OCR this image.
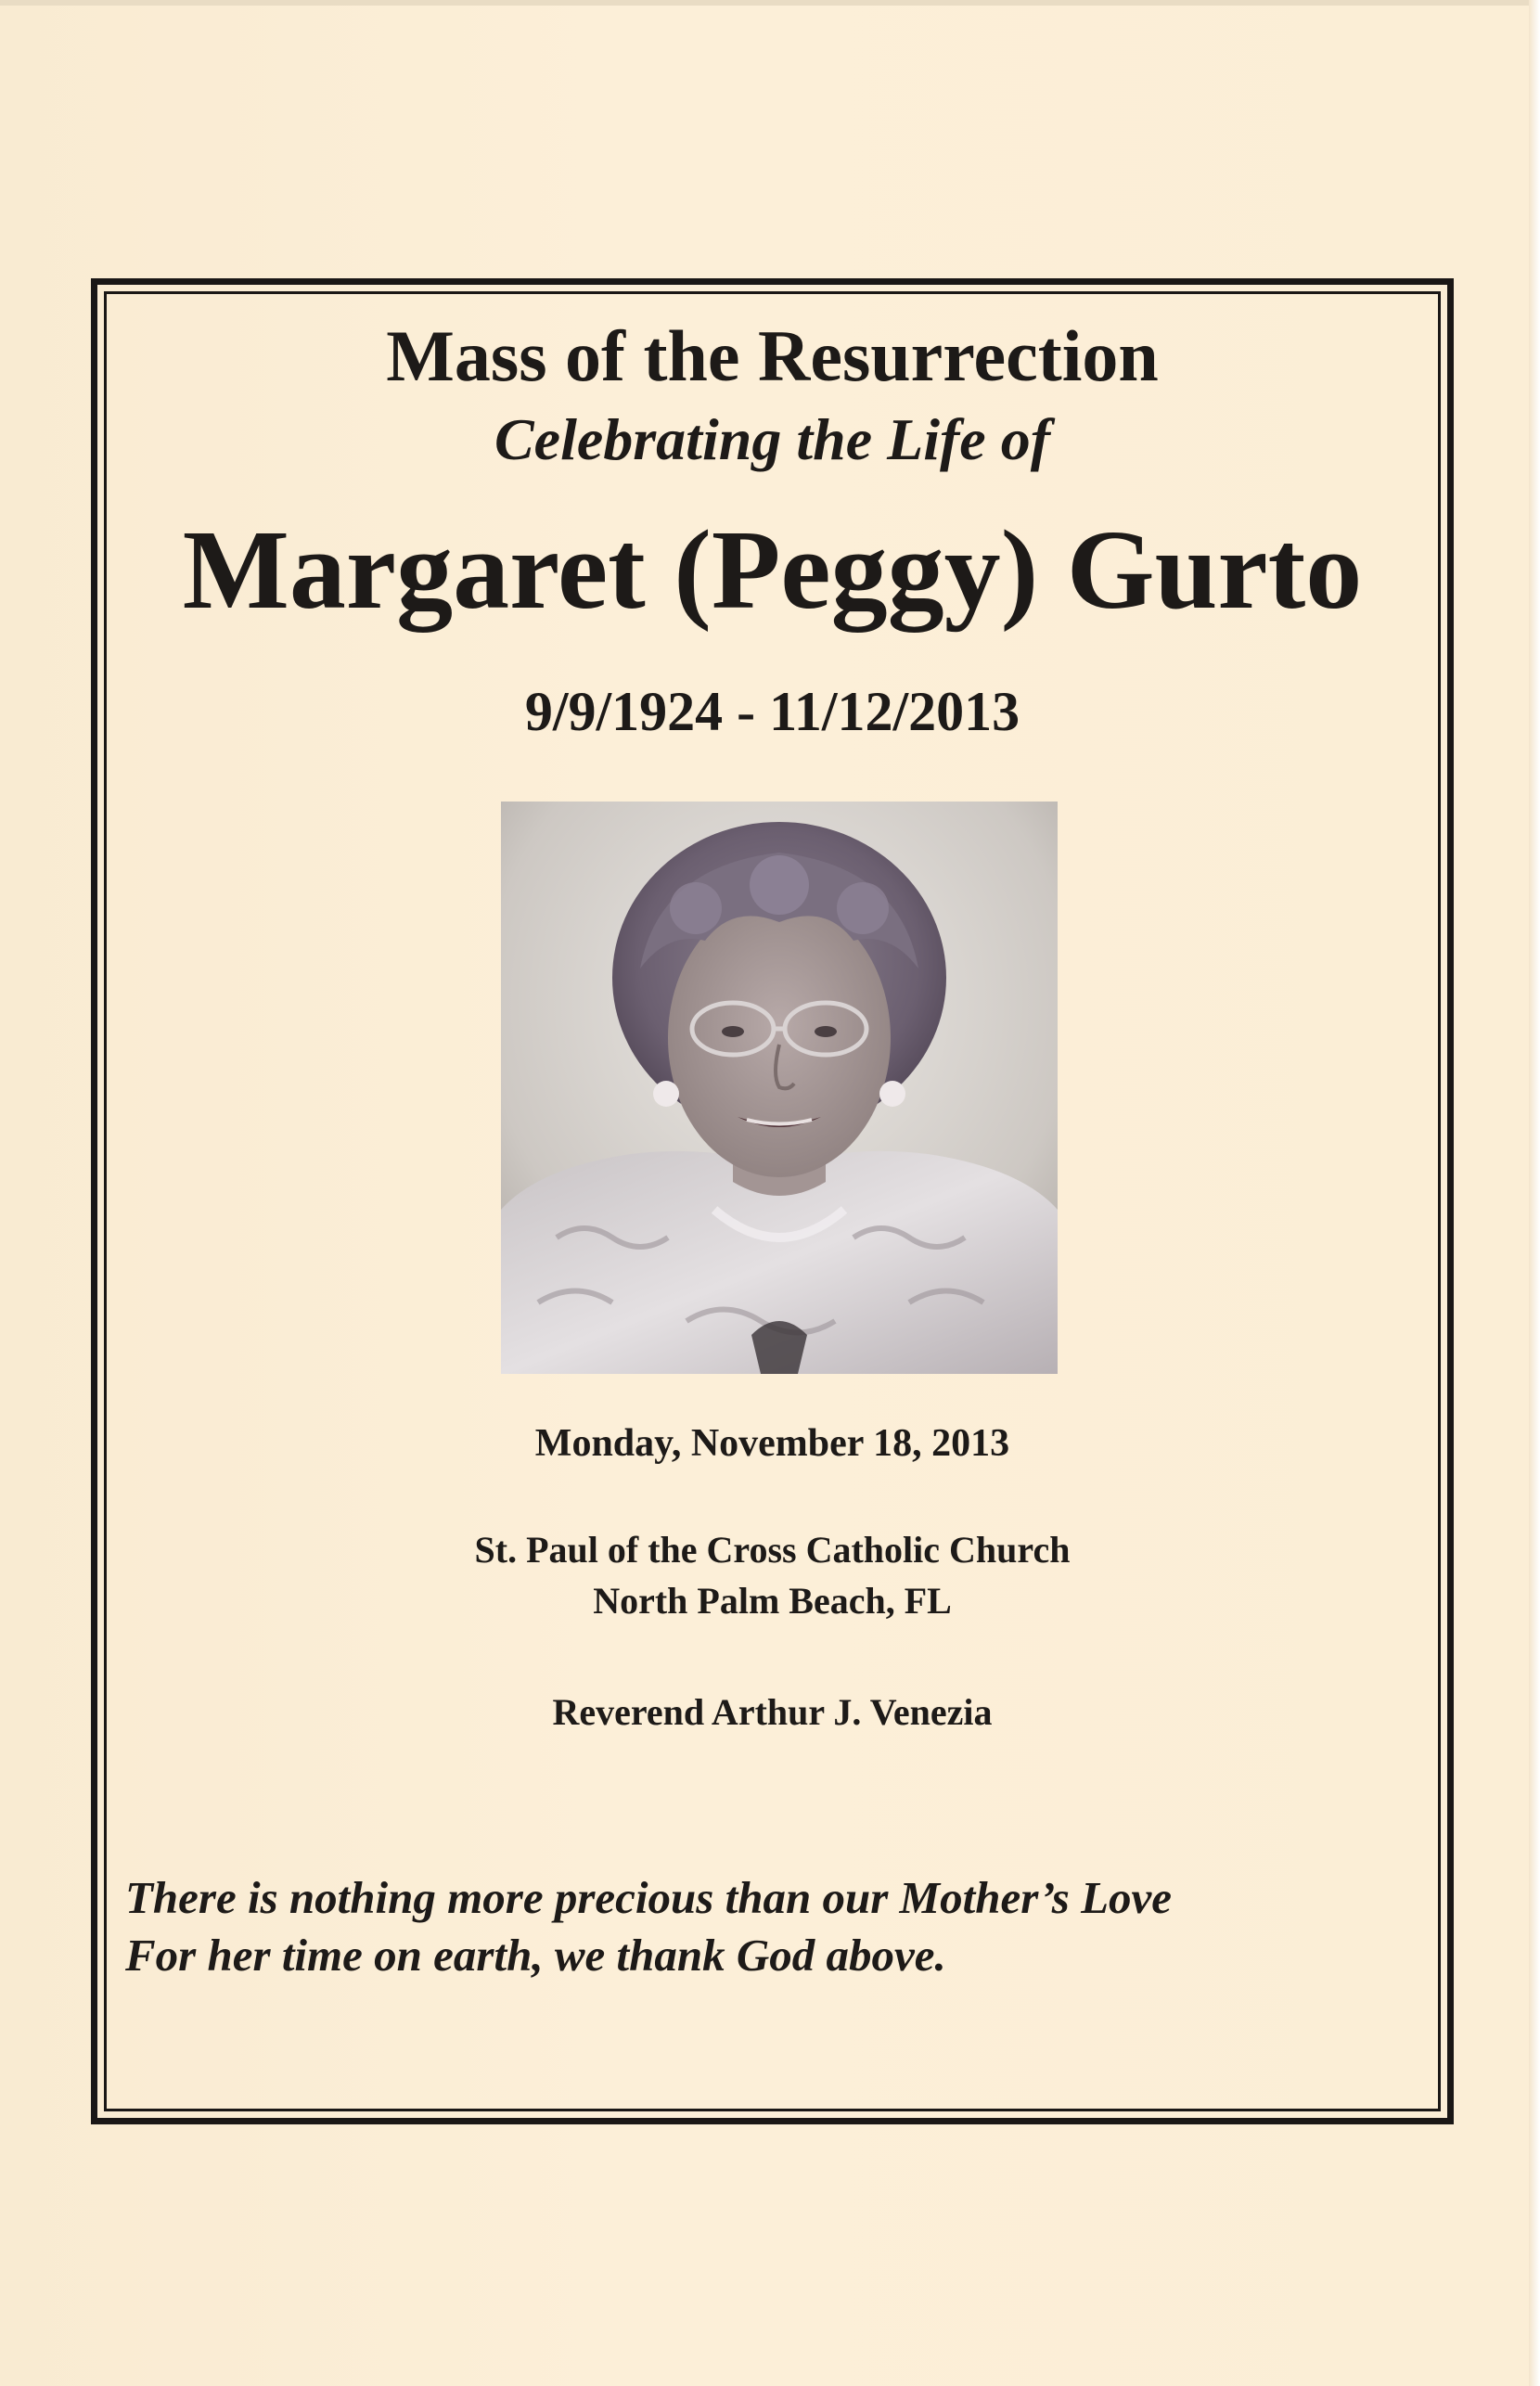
Mass of the Resurrection
Celebrating the Life of
Margaret (Peggy) Gurto
9/9/1924 - 11/12/2013
Monday, November 18, 2013
St. Paul of the Cross Catholic Church
North Palm Beach, FL
Reverend Arthur J. Venezia
There is nothing more precious than our Mother’s Love
For her time on earth, we thank God above.
